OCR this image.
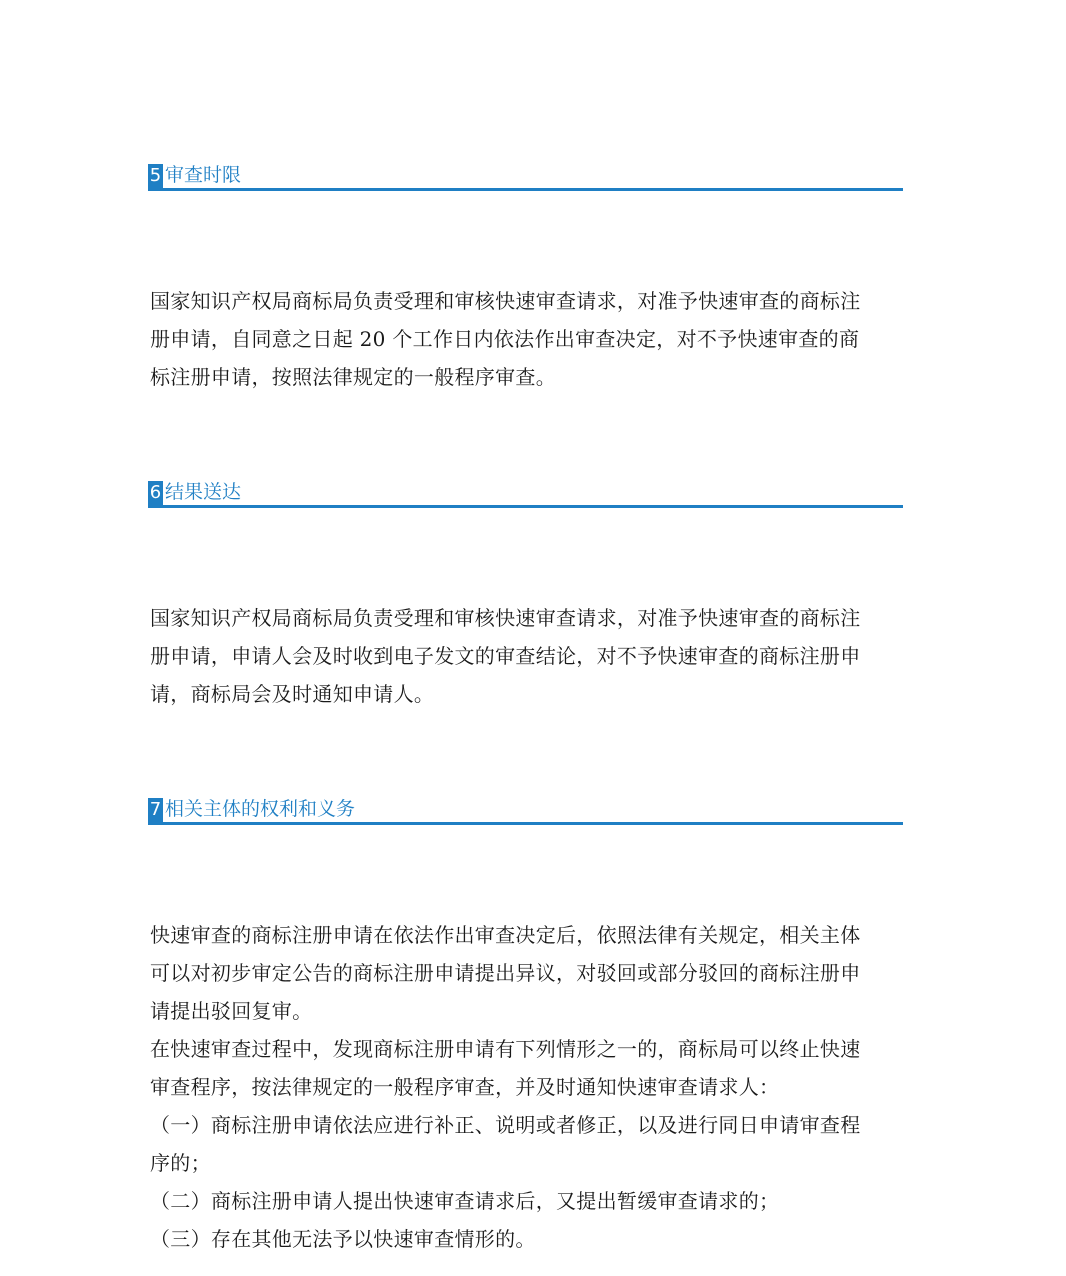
5 审查时限
国家知识产权局商标局负责受理和审核快速审查请求，对准予快速审查的商标注
册申请，自同意之日起 20 个工作日内依法作出审查决定，对不予快速审查的商
标注册申请，按照法律规定的一般程序审查。
6 结果送达
国家知识产权局商标局负责受理和审核快速审查请求，对准予快速审查的商标注
册申请，申请人会及时收到电子发文的审查结论，对不予快速审查的商标注册申
请，商标局会及时通知申请人。
7 相关主体的权利和义务
快速审查的商标注册申请在依法作出审查决定后，依照法律有关规定，相关主体
可以对初步审定公告的商标注册申请提出异议，对驳回或部分驳回的商标注册申
请提出驳回复审。
在快速审查过程中，发现商标注册申请有下列情形之一的，商标局可以终止快速
审查程序，按法律规定的一般程序审查，并及时通知快速审查请求人：
（一）商标注册申请依法应进行补正、说明或者修正，以及进行同日申请审查程
序的；
（二）商标注册申请人提出快速审查请求后，又提出暂缓审查请求的；
（三）存在其他无法予以快速审查情形的。
